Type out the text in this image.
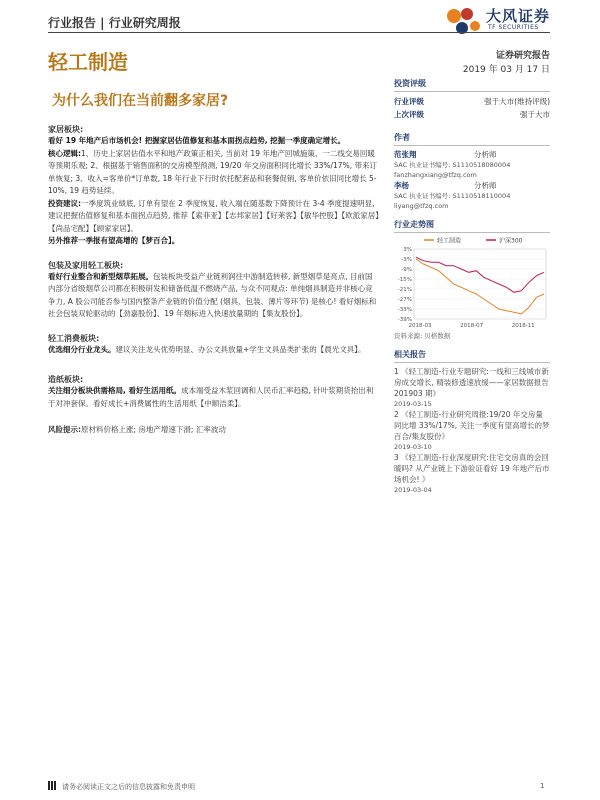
行业报告 | 行业研究周报	大风证券
TF SECURITIES
轻工制造	证券研究报告
2019 年 03 月 17 日
为什么我们在当前翻多家居?
家居板块:
看好 19 年地产后市场机会! 把握家居估值修复和基本面拐点趋势, 挖掘一季度确定增长。
核心逻辑:1、历史上家居估值水平和地产政策正相关, 当前对 19 年地产回城施策、一二线交易回暖等预期乐观; 2、根据基于销售面积的交房模型预测, 19/20 年交房面积同比增长 33%/17%, 带来订单恢复; 3、收入=客单价*订单数, 18 年行业下行时依托配套品和套餐促销, 客单价依旧同比增长 5-10%, 19 趋势延续。
投资建议:一季度筑业绩底, 订单有望在 2 季度恢复, 收入端在随基数下降预计在 3-4 季度提速明显, 建议把握估值修复和基本面拐点趋势, 推荐【索菲亚】【志邦家居】【好莱客】【敏华控股】【欧派家居】【尚品宅配】【顾家家居】。
另外推荐一季报有望高增的【梦百合】。
包装及家用轻工板块:
看好行业整合和新型烟草拓展。包装板块受益产业链利润往中游制造转移, 新型烟草是亮点, 目前国内部分省级烟草公司都在积极研发和储备低温不燃烧产品, 与众不同观点: 单纯烟具制造并非核心竞争力, A 股公司能否参与国内整条产业链的价值分配 (烟具、包装、薄片等环节) 是核心! 看好烟标和社会包装双轮驱动的【劲嘉股份】、19 年烟标进入快速放量期的【集友股份】。
轻工消费板块:
优选细分行业龙头。建议关注龙头优势明显、办公文具放量+学生文具品类扩张的【晨光文具】。
造纸板块:
关注细分板块供需格局, 看好生活用纸。成本端受益木浆回调和人民币汇率趋稳, 针叶浆期货抬出利于对冲套保。看好成长+消费属性的生活用纸【中顺洁柔】。
风险提示:原材料价格上涨; 房地产增速下滑; 汇率波动
投资评级
行业评级	强于大市(维持评级)
上次评级	强于大市
作者
范张翔	分析师
SAC 执业证书编号: S1110518080004
fanzhangxiang@tfzq.com
李杨	分析师
SAC 执业证书编号: S1110518110004
liyang@tfzq.com
行业走势图
轻工制造	沪深300
3%
-3%
-9%
-15%
-21%
-27%
-33%
-39%
2018-03	2018-07	2018-11
资料来源: 贝格数据
相关报告
1 《轻工制造-行业专题研究:一线和三线城市新房成交增长, 精装修透速放缓——家居数据报告 201903 期》
2019-03-15
2 《轻工制造-行业研究周报:19/20 年交房量同比增 33%/17%, 关注一季度有望高增长的梦百合/集友股份》
2019-03-10
3 《轻工制造-行业深度研究:住宅交房真的会回暖吗? 从产业链上下游验证看好 19 年地产后市场机会! 》
2019-03-04
请务必阅读正文之后的信息披露和免责申明	1
